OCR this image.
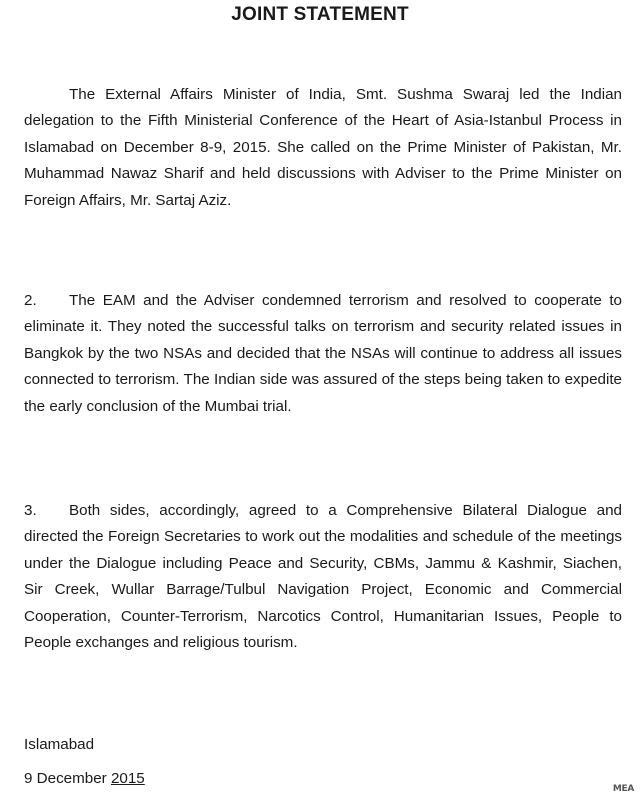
JOINT STATEMENT

The External Affairs Minister of India, Smt. Sushma Swaraj led the Indian delegation to the Fifth Ministerial Conference of the Heart of Asia-Istanbul Process in Islamabad on December 8-9, 2015. She called on the Prime Minister of Pakistan, Mr. Muhammad Nawaz Sharif and held discussions with Adviser to the Prime Minister on Foreign Affairs, Mr. Sartaj Aziz.

2. The EAM and the Adviser condemned terrorism and resolved to cooperate to eliminate it. They noted the successful talks on terrorism and security related issues in Bangkok by the two NSAs and decided that the NSAs will continue to address all issues connected to terrorism. The Indian side was assured of the steps being taken to expedite the early conclusion of the Mumbai trial.

3. Both sides, accordingly, agreed to a Comprehensive Bilateral Dialogue and directed the Foreign Secretaries to work out the modalities and schedule of the meetings under the Dialogue including Peace and Security, CBMs, Jammu & Kashmir, Siachen, Sir Creek, Wullar Barrage/Tulbul Navigation Project, Economic and Commercial Cooperation, Counter-Terrorism, Narcotics Control, Humanitarian Issues, People to People exchanges and religious tourism.

Islamabad

9 December 2015

MEA
